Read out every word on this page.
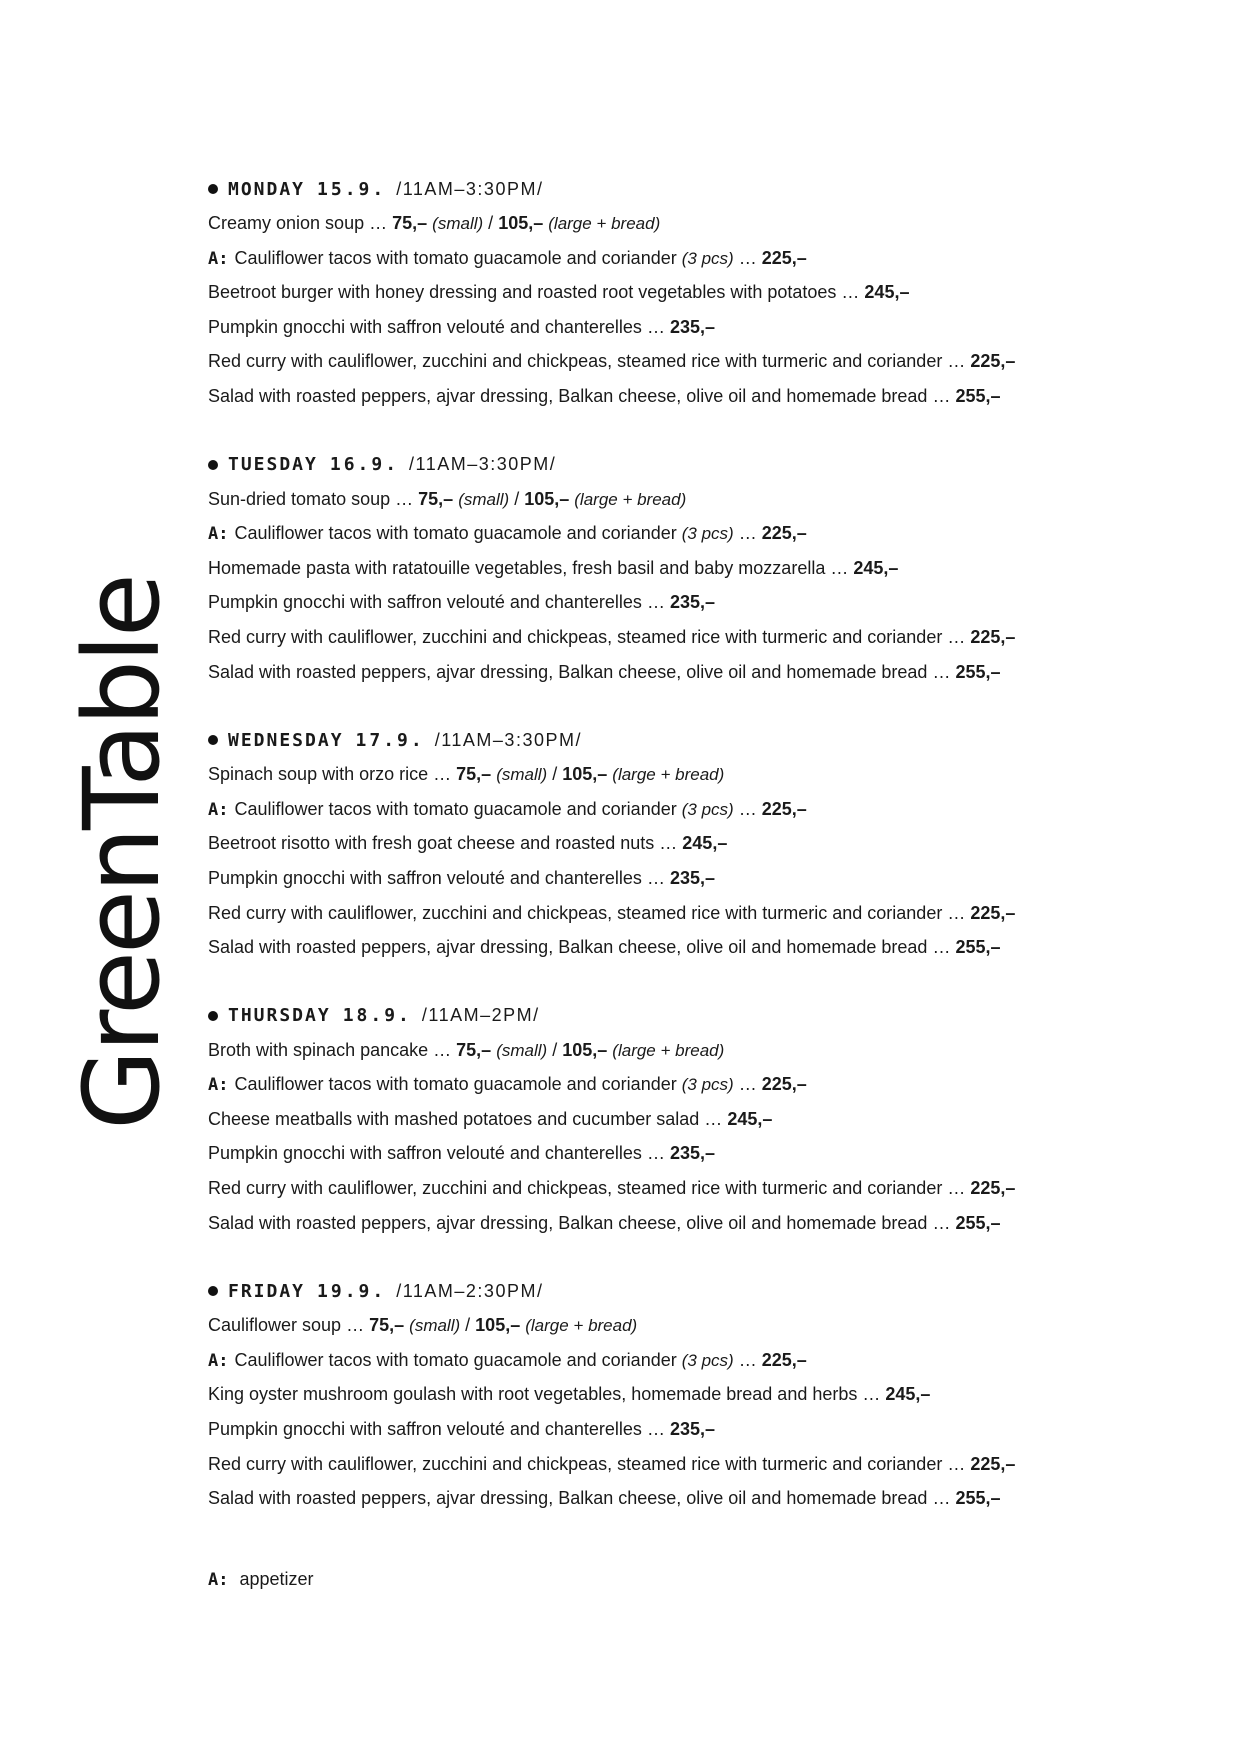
GreenTable
MONDAY 15.9. /11AM–3:30PM/
Creamy onion soup … 75,– (small) / 105,– (large + bread)
A: Cauliflower tacos with tomato guacamole and coriander (3 pcs) … 225,–
Beetroot burger with honey dressing and roasted root vegetables with potatoes … 245,–
Pumpkin gnocchi with saffron velouté and chanterelles … 235,–
Red curry with cauliflower, zucchini and chickpeas, steamed rice with turmeric and coriander … 225,–
Salad with roasted peppers, ajvar dressing, Balkan cheese, olive oil and homemade bread … 255,–
TUESDAY 16.9. /11AM–3:30PM/
Sun-dried tomato soup … 75,– (small) / 105,– (large + bread)
A: Cauliflower tacos with tomato guacamole and coriander (3 pcs) … 225,–
Homemade pasta with ratatouille vegetables, fresh basil and baby mozzarella … 245,–
Pumpkin gnocchi with saffron velouté and chanterelles … 235,–
Red curry with cauliflower, zucchini and chickpeas, steamed rice with turmeric and coriander … 225,–
Salad with roasted peppers, ajvar dressing, Balkan cheese, olive oil and homemade bread … 255,–
WEDNESDAY 17.9. /11AM–3:30PM/
Spinach soup with orzo rice … 75,– (small) / 105,– (large + bread)
A: Cauliflower tacos with tomato guacamole and coriander (3 pcs) … 225,–
Beetroot risotto with fresh goat cheese and roasted nuts … 245,–
Pumpkin gnocchi with saffron velouté and chanterelles … 235,–
Red curry with cauliflower, zucchini and chickpeas, steamed rice with turmeric and coriander … 225,–
Salad with roasted peppers, ajvar dressing, Balkan cheese, olive oil and homemade bread … 255,–
THURSDAY 18.9. /11AM–2PM/
Broth with spinach pancake … 75,– (small) / 105,– (large + bread)
A: Cauliflower tacos with tomato guacamole and coriander (3 pcs) … 225,–
Cheese meatballs with mashed potatoes and cucumber salad … 245,–
Pumpkin gnocchi with saffron velouté and chanterelles … 235,–
Red curry with cauliflower, zucchini and chickpeas, steamed rice with turmeric and coriander … 225,–
Salad with roasted peppers, ajvar dressing, Balkan cheese, olive oil and homemade bread … 255,–
FRIDAY 19.9. /11AM–2:30PM/
Cauliflower soup … 75,– (small) / 105,– (large + bread)
A: Cauliflower tacos with tomato guacamole and coriander (3 pcs) … 225,–
King oyster mushroom goulash with root vegetables, homemade bread and herbs … 245,–
Pumpkin gnocchi with saffron velouté and chanterelles … 235,–
Red curry with cauliflower, zucchini and chickpeas, steamed rice with turmeric and coriander … 225,–
Salad with roasted peppers, ajvar dressing, Balkan cheese, olive oil and homemade bread … 255,–
A: appetizer
